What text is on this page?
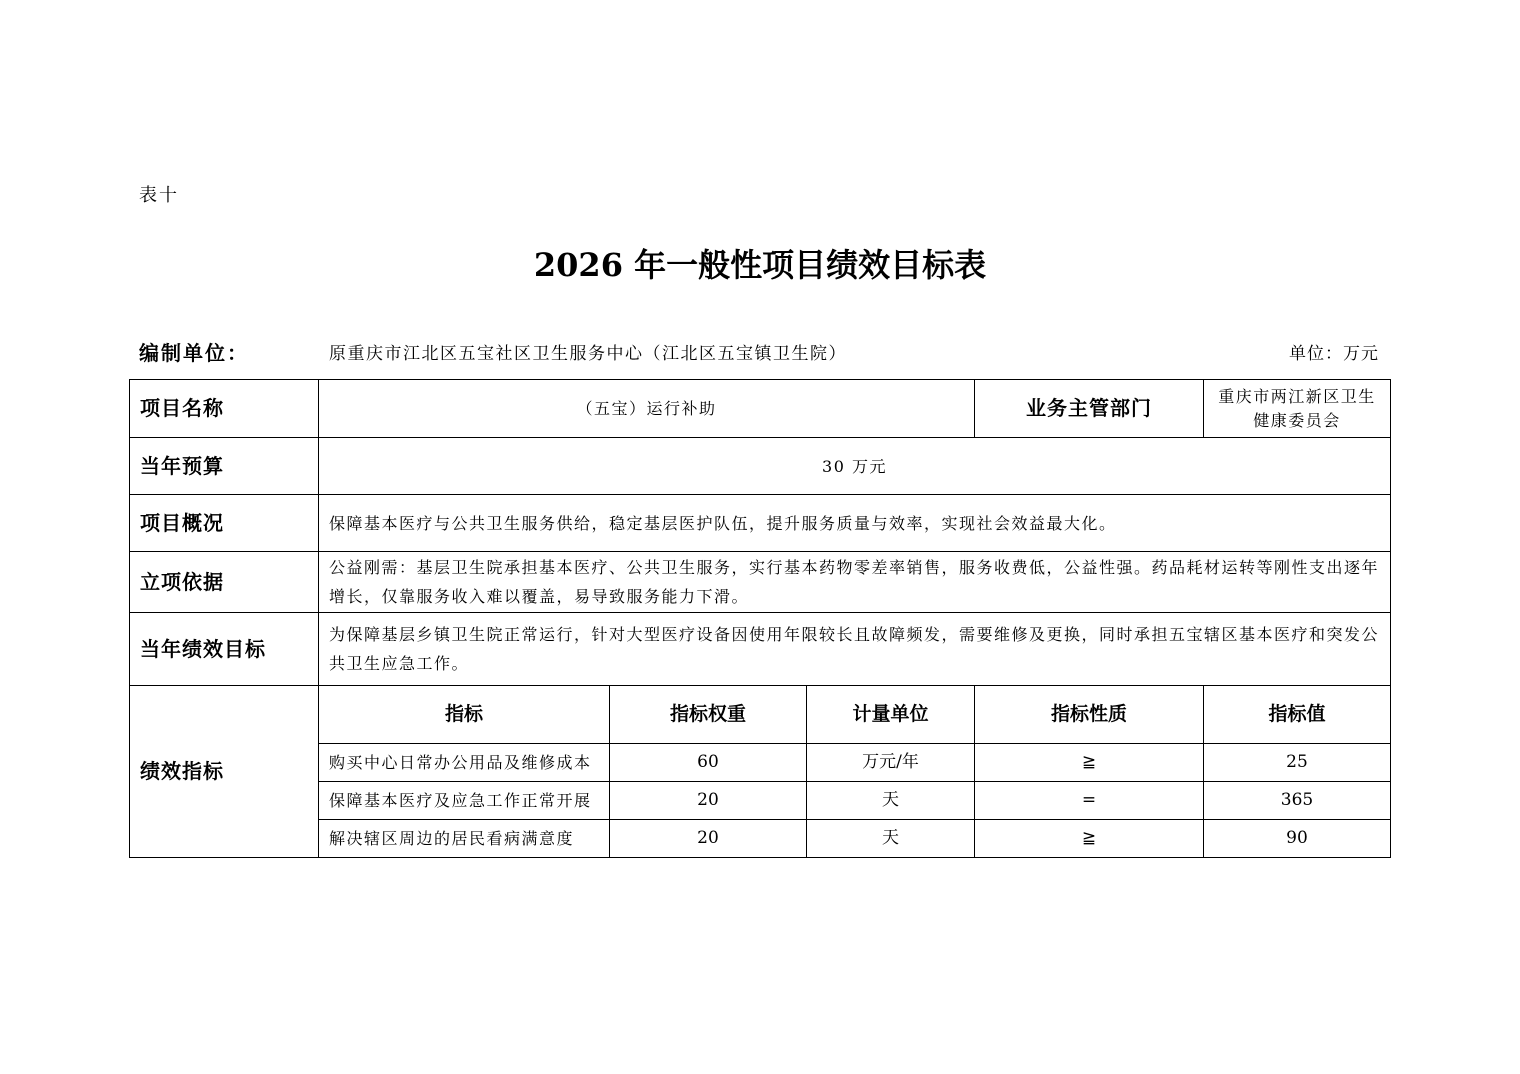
表十
2026 年一般性项目绩效目标表
编制单位：	原重庆市江北区五宝社区卫生服务中心（江北区五宝镇卫生院）	单位：万元
项目名称	（五宝）运行补助			业务主管部门	重庆市两江新区卫生健康委员会
当年预算	30 万元				
项目概况	保障基本医疗与公共卫生服务供给，稳定基层医护队伍，提升服务质量与效率，实现社会效益最大化。				
立项依据	公益刚需：基层卫生院承担基本医疗、公共卫生服务，实行基本药物零差率销售，服务收费低，公益性强。药品耗材运转等刚性支出逐年增长，仅靠服务收入难以覆盖，易导致服务能力下滑。				
当年绩效目标	为保障基层乡镇卫生院正常运行，针对大型医疗设备因使用年限较长且故障频发，需要维修及更换，同时承担五宝辖区基本医疗和突发公共卫生应急工作。				
绩效指标	指标	指标权重	计量单位	指标性质	指标值
	购买中心日常办公用品及维修成本	60	万元/年	≧	25
	保障基本医疗及应急工作正常开展	20	天	=	365
	解决辖区周边的居民看病满意度	20	天	≧	90
